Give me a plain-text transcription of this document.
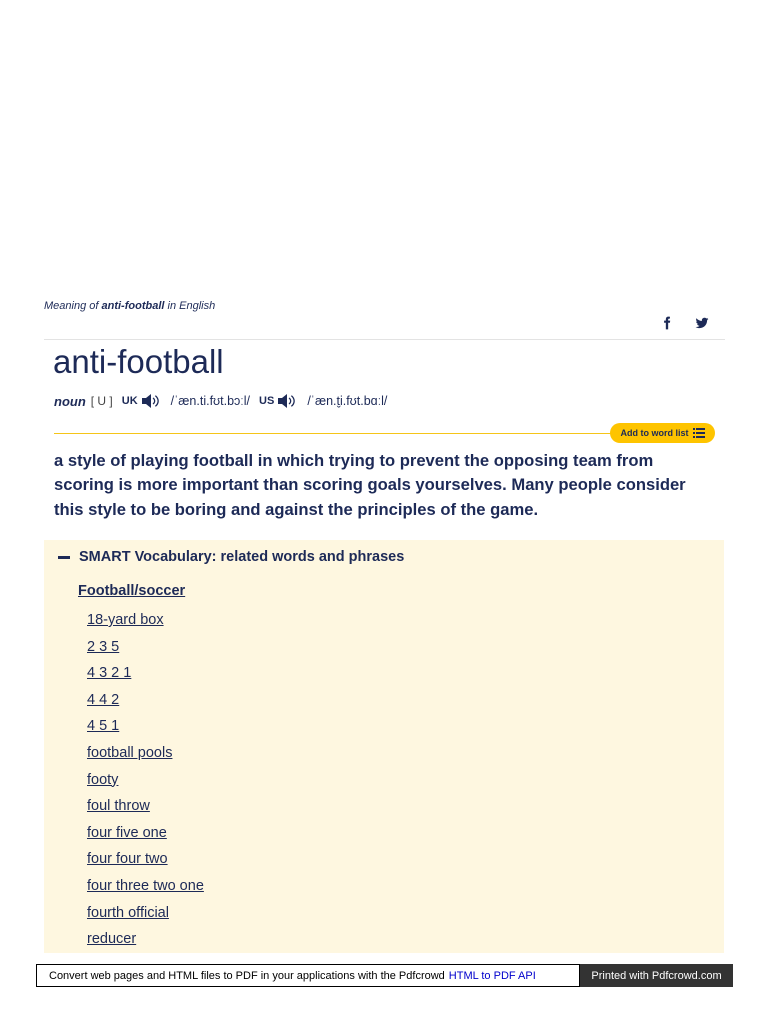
Meaning of anti-football in English
anti-football
noun [ U ] UK	/ˈæn.ti.fʊt.bɔːl/ US	/ˈæn.t̬i.fʊt.bɑːl/
Add to word list
a style of playing football in which trying to prevent the opposing team from scoring is more important than scoring goals yourselves. Many people consider this style to be boring and against the principles of the game.
SMART Vocabulary: related words and phrases
Football/soccer
18-yard box
2 3 5
4 3 2 1
4 4 2
4 5 1
football pools
footy
foul throw
four five one
four four two
four three two one
fourth official
reducer
Convert web pages and HTML files to PDF in your applications with the Pdfcrowd HTML to PDF API	Printed with Pdfcrowd.com
